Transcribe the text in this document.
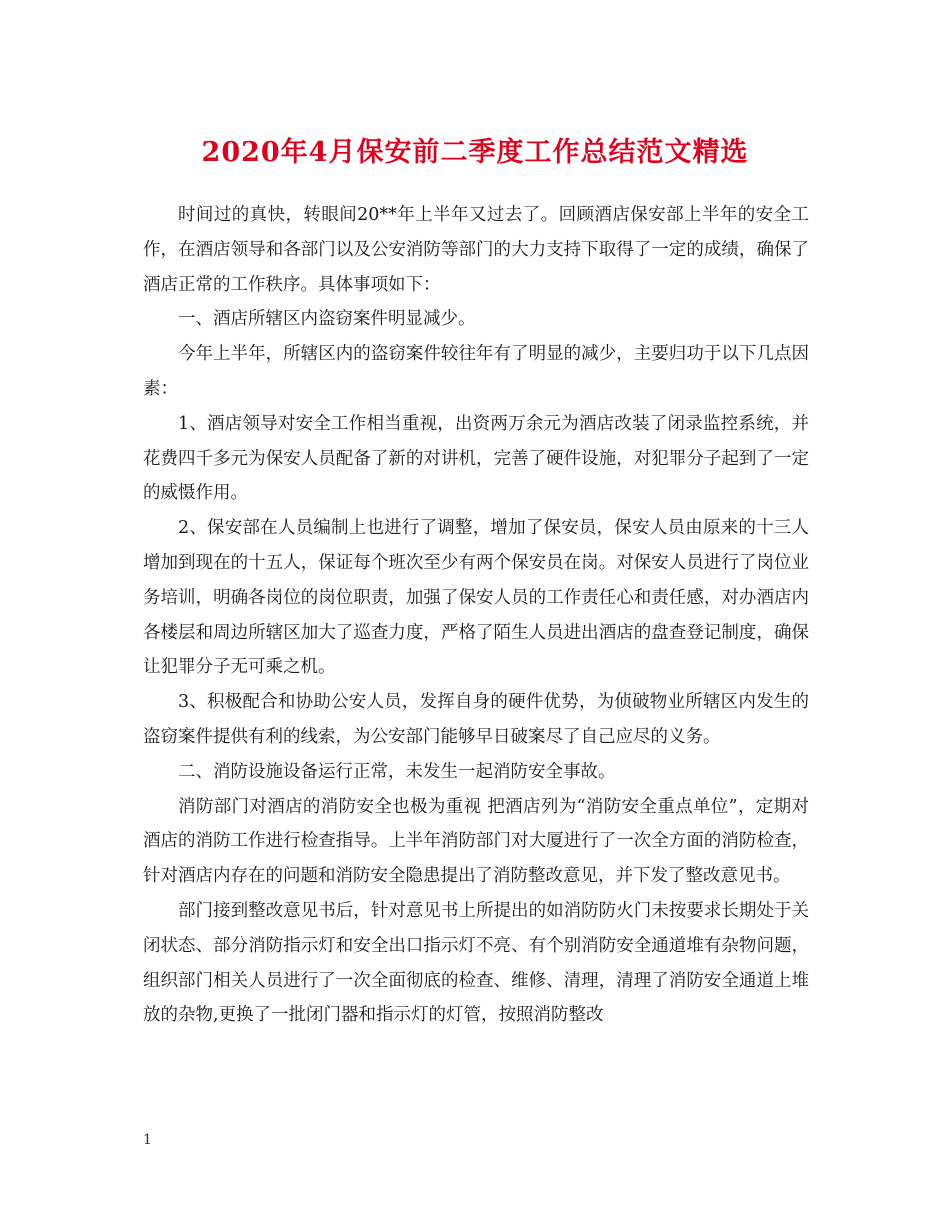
2020年4月保安前二季度工作总结范文精选

时间过的真快，转眼间20**年上半年又过去了。回顾酒店保安部上半年的安全工作，在酒店领导和各部门以及公安消防等部门的大力支持下取得了一定的成绩，确保了酒店正常的工作秩序。具体事项如下：

一、酒店所辖区内盗窃案件明显减少。

今年上半年，所辖区内的盗窃案件较往年有了明显的减少，主要归功于以下几点因素：

1、酒店领导对安全工作相当重视，出资两万余元为酒店改装了闭录监控系统，并花费四千多元为保安人员配备了新的对讲机，完善了硬件设施，对犯罪分子起到了一定的威慑作用。

2、保安部在人员编制上也进行了调整，增加了保安员，保安人员由原来的十三人增加到现在的十五人，保证每个班次至少有两个保安员在岗。对保安人员进行了岗位业务培训，明确各岗位的岗位职责，加强了保安人员的工作责任心和责任感，对办酒店内各楼层和周边所辖区加大了巡查力度，严格了陌生人员进出酒店的盘查登记制度，确保让犯罪分子无可乘之机。

3、积极配合和协助公安人员，发挥自身的硬件优势，为侦破物业所辖区内发生的盗窃案件提供有利的线索，为公安部门能够早日破案尽了自己应尽的义务。

二、消防设施设备运行正常，未发生一起消防安全事故。

消防部门对酒店的消防安全也极为重视 把酒店列为“消防安全重点单位”，定期对酒店的消防工作进行检查指导。上半年消防部门对大厦进行了一次全方面的消防检查，针对酒店内存在的问题和消防安全隐患提出了消防整改意见，并下发了整改意见书。

部门接到整改意见书后，针对意见书上所提出的如消防防火门未按要求长期处于关闭状态、部分消防指示灯和安全出口指示灯不亮、有个别消防安全通道堆有杂物问题，组织部门相关人员进行了一次全面彻底的检查、维修、清理，清理了消防安全通道上堆放的杂物,更换了一批闭门器和指示灯的灯管，按照消防整改

1
